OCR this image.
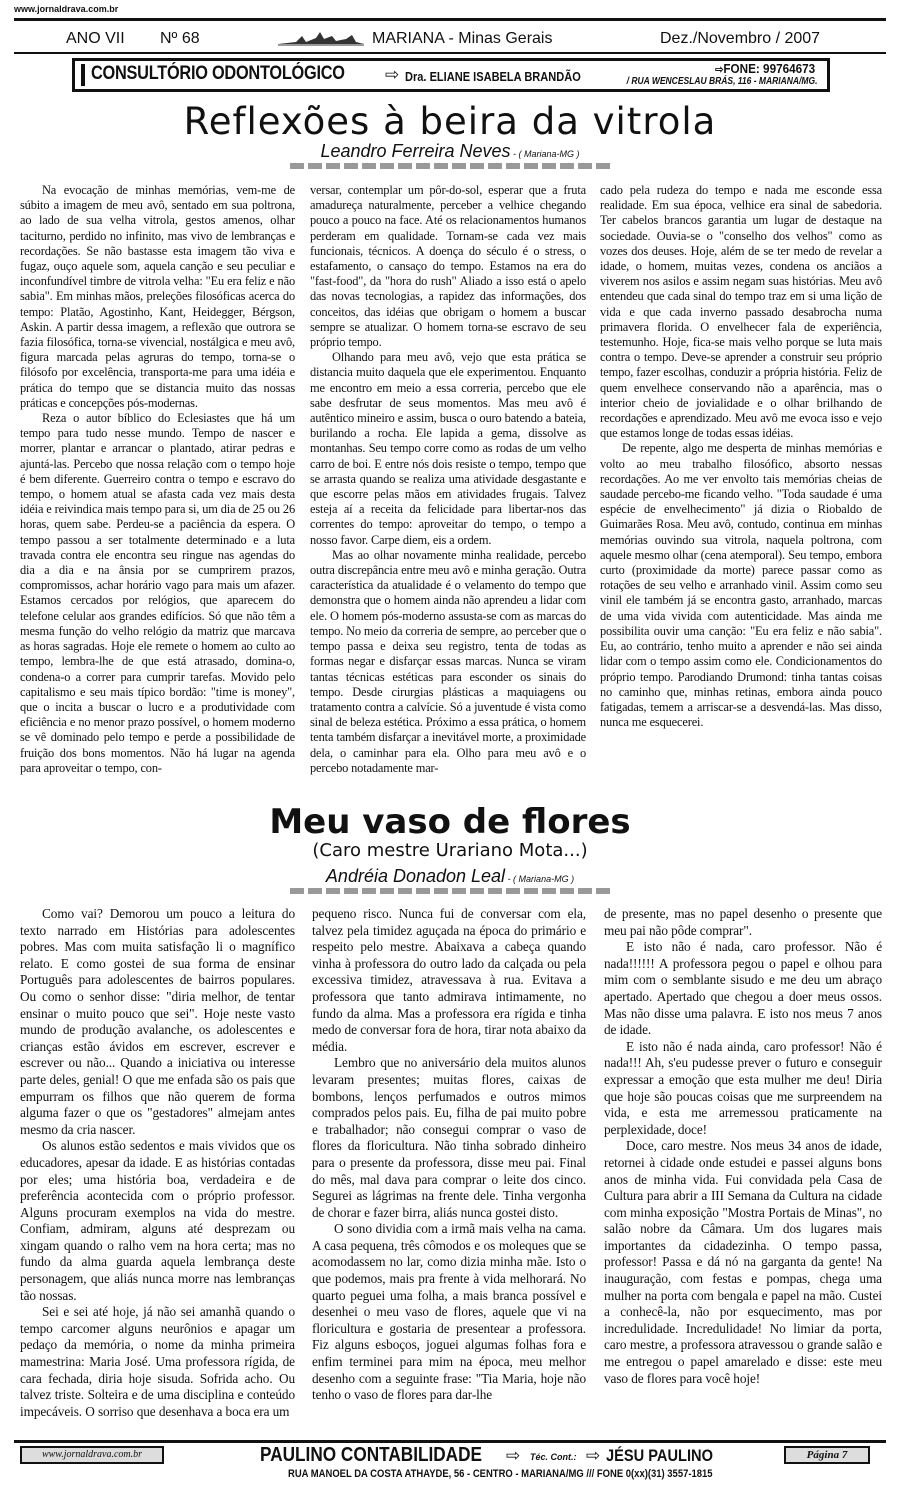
www.jornaldrava.com.br
ANO VII Nº 68	MARIANA - Minas Gerais	Dez./Novembro / 2007
CONSULTÓRIO ODONTOLÓGICO ⇨ Dra. ELIANE ISABELA BRANDÃO	⇨FONE: 99764673
/ RUA WENCESLAU BRÁS, 116 - MARIANA/MG.
Reflexões à beira da vitrola
Leandro Ferreira Neves - ( Mariana-MG )

Na evocação de minhas memórias, vem-me de súbito a imagem de meu avô, sentado em sua poltrona, ao lado de sua velha vitrola, gestos amenos, olhar taciturno, perdido no infinito, mas vivo de lembranças e recordações. Se não bastasse esta imagem tão viva e fugaz, ouço aquele som, aquela canção e seu peculiar e inconfundível timbre de vitrola velha: "Eu era feliz e não sabia". Em minhas mãos, preleções filosóficas acerca do tempo: Platão, Agostinho, Kant, Heidegger, Bérgson, Askin. A partir dessa imagem, a reflexão que outrora se fazia filosófica, torna-se vivencial, nostálgica e meu avô, figura marcada pelas agruras do tempo, torna-se o filósofo por excelência, transporta-me para uma idéia e prática do tempo que se distancia muito das nossas práticas e concepções pós-modernas.

Reza o autor bíblico do Eclesiastes que há um tempo para tudo nesse mundo. Tempo de nascer e morrer, plantar e arrancar o plantado, atirar pedras e ajuntá-las. Percebo que nossa relação com o tempo hoje é bem diferente. Guerreiro contra o tempo e escravo do tempo, o homem atual se afasta cada vez mais desta idéia e reivindica mais tempo para si, um dia de 25 ou 26 horas, quem sabe. Perdeu-se a paciência da espera. O tempo passou a ser totalmente determinado e a luta travada contra ele encontra seu ringue nas agendas do dia a dia e na ânsia por se cumprirem prazos, compromissos, achar horário vago para mais um afazer. Estamos cercados por relógios, que aparecem do telefone celular aos grandes edifícios. Só que não têm a mesma função do velho relógio da matriz que marcava as horas sagradas. Hoje ele remete o homem ao culto ao tempo, lembra-lhe de que está atrasado, domina-o, condena-o a correr para cumprir tarefas. Movido pelo capitalismo e seu mais típico bordão: "time is money", que o incita a buscar o lucro e a produtividade com eficiência e no menor prazo possível, o homem moderno se vê dominado pelo tempo e perde a possibilidade de fruição dos bons momentos. Não há lugar na agenda para aproveitar o tempo, con-

versar, contemplar um pôr-do-sol, esperar que a fruta amadureça naturalmente, perceber a velhice chegando pouco a pouco na face. Até os relacionamentos humanos perderam em qualidade. Tornam-se cada vez mais funcionais, técnicos. A doença do século é o stress, o estafamento, o cansaço do tempo. Estamos na era do "fast-food", da "hora do rush" Aliado a isso está o apelo das novas tecnologias, a rapidez das informações, dos conceitos, das idéias que obrigam o homem a buscar sempre se atualizar. O homem torna-se escravo de seu próprio tempo.

Olhando para meu avô, vejo que esta prática se distancia muito daquela que ele experimentou. Enquanto me encontro em meio a essa correria, percebo que ele sabe desfrutar de seus momentos. Mas meu avô é autêntico mineiro e assim, busca o ouro batendo a bateia, burilando a rocha. Ele lapida a gema, dissolve as montanhas. Seu tempo corre como as rodas de um velho carro de boi. E entre nós dois resiste o tempo, tempo que se arrasta quando se realiza uma atividade desgastante e que escorre pelas mãos em atividades frugais. Talvez esteja aí a receita da felicidade para libertar-nos das correntes do tempo: aproveitar do tempo, o tempo a nosso favor. Carpe diem, eis a ordem.

Mas ao olhar novamente minha realidade, percebo outra discrepância entre meu avô e minha geração. Outra característica da atualidade é o velamento do tempo que demonstra que o homem ainda não aprendeu a lidar com ele. O homem pós-moderno assusta-se com as marcas do tempo. No meio da correria de sempre, ao perceber que o tempo passa e deixa seu registro, tenta de todas as formas negar e disfarçar essas marcas. Nunca se viram tantas técnicas estéticas para esconder os sinais do tempo. Desde cirurgias plásticas a maquiagens ou tratamento contra a calvície. Só a juventude é vista como sinal de beleza estética. Próximo a essa prática, o homem tenta também disfarçar a inevitável morte, a proximidade dela, o caminhar para ela. Olho para meu avô e o percebo notadamente mar-

cado pela rudeza do tempo e nada me esconde essa realidade. Em sua época, velhice era sinal de sabedoria. Ter cabelos brancos garantia um lugar de destaque na sociedade. Ouvia-se o "conselho dos velhos" como as vozes dos deuses. Hoje, além de se ter medo de revelar a idade, o homem, muitas vezes, condena os anciãos a viverem nos asilos e assim negam suas histórias. Meu avô entendeu que cada sinal do tempo traz em si uma lição de vida e que cada inverno passado desabrocha numa primavera florida. O envelhecer fala de experiência, testemunho. Hoje, fica-se mais velho porque se luta mais contra o tempo. Deve-se aprender a construir seu próprio tempo, fazer escolhas, conduzir a própria história. Feliz de quem envelhece conservando não a aparência, mas o interior cheio de jovialidade e o olhar brilhando de recordações e aprendizado. Meu avô me evoca isso e vejo que estamos longe de todas essas idéias.

De repente, algo me desperta de minhas memórias e volto ao meu trabalho filosófico, absorto nessas recordações. Ao me ver envolto tais memórias cheias de saudade percebo-me ficando velho. "Toda saudade é uma espécie de envelhecimento" já dizia o Riobaldo de Guimarães Rosa. Meu avô, contudo, continua em minhas memórias ouvindo sua vitrola, naquela poltrona, com aquele mesmo olhar (cena atemporal). Seu tempo, embora curto (proximidade da morte) parece passar como as rotações de seu velho e arranhado vinil. Assim como seu vinil ele também já se encontra gasto, arranhado, marcas de uma vida vivida com autenticidade. Mas ainda me possibilita ouvir uma canção: "Eu era feliz e não sabia". Eu, ao contrário, tenho muito a aprender e não sei ainda lidar com o tempo assim como ele. Condicionamentos do próprio tempo. Parodiando Drumond: tinha tantas coisas no caminho que, minhas retinas, embora ainda pouco fatigadas, temem a arriscar-se a desvendá-las. Mas disso, nunca me esquecerei.

Meu vaso de flores
(Caro mestre Urariano Mota...)
Andréia Donadon Leal - ( Mariana-MG )

Como vai? Demorou um pouco a leitura do texto narrado em Histórias para adolescentes pobres. Mas com muita satisfação li o magnífico relato. E como gostei de sua forma de ensinar Português para adolescentes de bairros populares. Ou como o senhor disse: "diria melhor, de tentar ensinar o muito pouco que sei". Hoje neste vasto mundo de produção avalanche, os adolescentes e crianças estão ávidos em escrever, escrever e escrever ou não... Quando a iniciativa ou interesse parte deles, genial! O que me enfada são os pais que empurram os filhos que não querem de forma alguma fazer o que os "gestadores" almejam antes mesmo da cria nascer.

Os alunos estão sedentos e mais vividos que os educadores, apesar da idade. E as histórias contadas por eles; uma história boa, verdadeira e de preferência acontecida com o próprio professor. Alguns procuram exemplos na vida do mestre. Confiam, admiram, alguns até desprezam ou xingam quando o ralho vem na hora certa; mas no fundo da alma guarda aquela lembrança deste personagem, que aliás nunca morre nas lembranças tão nossas.

Sei e sei até hoje, já não sei amanhã quando o tempo carcomer alguns neurônios e apagar um pedaço da memória, o nome da minha primeira mamestrina: Maria José. Uma professora rígida, de cara fechada, diria hoje sisuda. Sofrida acho. Ou talvez triste. Solteira e de uma disciplina e conteúdo impecáveis. O sorriso que desenhava a boca era um

pequeno risco. Nunca fui de conversar com ela, talvez pela timidez aguçada na época do primário e respeito pelo mestre. Abaixava a cabeça quando vinha à professora do outro lado da calçada ou pela excessiva timidez, atravessava à rua. Evitava a professora que tanto admirava intimamente, no fundo da alma. Mas a professora era rígida e tinha medo de conversar fora de hora, tirar nota abaixo da média.

Lembro que no aniversário dela muitos alunos levaram presentes; muitas flores, caixas de bombons, lenços perfumados e outros mimos comprados pelos pais. Eu, filha de pai muito pobre e trabalhador; não consegui comprar o vaso de flores da floricultura. Não tinha sobrado dinheiro para o presente da professora, disse meu pai. Final do mês, mal dava para comprar o leite dos cinco. Segurei as lágrimas na frente dele. Tinha vergonha de chorar e fazer birra, aliás nunca gostei disto.

O sono dividia com a irmã mais velha na cama. A casa pequena, três cômodos e os moleques que se acomodassem no lar, como dizia minha mãe. Isto o que podemos, mais pra frente à vida melhorará. No quarto peguei uma folha, a mais branca possível e desenhei o meu vaso de flores, aquele que vi na floricultura e gostaria de presentear a professora. Fiz alguns esboços, joguei algumas folhas fora e enfim terminei para mim na época, meu melhor desenho com a seguinte frase: "Tia Maria, hoje não tenho o vaso de flores para dar-lhe

de presente, mas no papel desenho o presente que meu pai não pôde comprar".

E isto não é nada, caro professor. Não é nada!!!!!! A professora pegou o papel e olhou para mim com o semblante sisudo e me deu um abraço apertado. Apertado que chegou a doer meus ossos. Mas não disse uma palavra. E isto nos meus 7 anos de idade.

E isto não é nada ainda, caro professor! Não é nada!!! Ah, s'eu pudesse prever o futuro e conseguir expressar a emoção que esta mulher me deu! Diria que hoje são poucas coisas que me surpreendem na vida, e esta me arremessou praticamente na perplexidade, doce!

Doce, caro mestre. Nos meus 34 anos de idade, retornei à cidade onde estudei e passei alguns bons anos de minha vida. Fui convidada pela Casa de Cultura para abrir a III Semana da Cultura na cidade com minha exposição "Mostra Portais de Minas", no salão nobre da Câmara. Um dos lugares mais importantes da cidadezinha. O tempo passa, professor! Passa e dá nó na garganta da gente! Na inauguração, com festas e pompas, chega uma mulher na porta com bengala e papel na mão. Custei a conhecê-la, não por esquecimento, mas por incredulidade. Incredulidade! No limiar da porta, caro mestre, a professora atravessou o grande salão e me entregou o papel amarelado e disse: este meu vaso de flores para você hoje!

www.jornaldrava.com.br	PAULINO CONTABILIDADE ⇨ Téc. Cont.: ⇨ JÉSU PAULINO
RUA MANOEL DA COSTA ATHAYDE, 56 - CENTRO - MARIANA/MG /// FONE 0(xx)(31) 3557-1815
Página 7
